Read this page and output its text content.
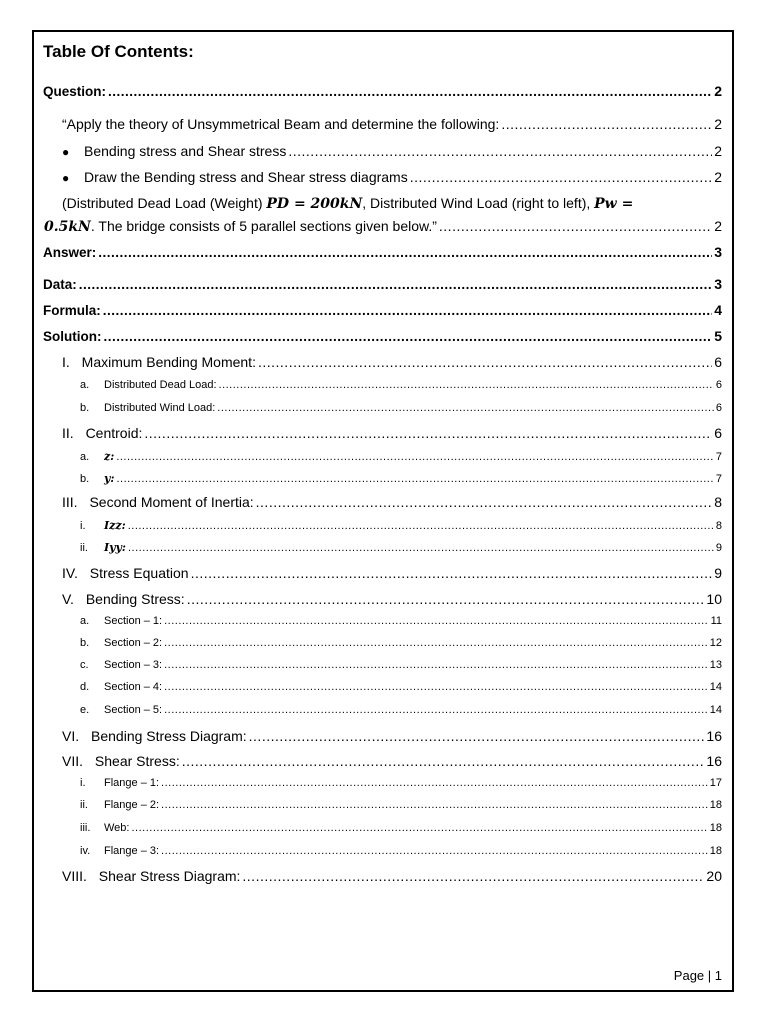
Table Of Contents:
Question: .....	2
“Apply the theory of Unsymmetrical Beam and determine the following: .....	2
● Bending stress and Shear stress .....	2
● Draw the Bending stress and Shear stress diagrams .....	2
(Distributed Dead Load (Weight) PD = 200kN, Distributed Wind Load (right to left), Pw =
0.5kN . The bridge consists of 5 parallel sections given below.” .....	2
Answer: .....	3
Data: .....	3
Formula: .....	4
Solution: .....	5
I. Maximum Bending Moment: .....	6
a. Distributed Dead Load: .....	6
b. Distributed Wind Load: .....	6
II. Centroid: .....	6
a. z: .....	7
b. y: .....	7
III. Second Moment of Inertia: .....	8
i. Izz: .....	8
ii. Iyy: .....	9
IV. Stress Equation .....	9
V. Bending Stress: .....	10
a. Section – 1: .....	11
b. Section – 2: .....	12
c. Section – 3: .....	13
d. Section – 4: .....	14
e. Section – 5: .....	14
VI. Bending Stress Diagram: .....	16
VII. Shear Stress: .....	16
i. Flange – 1: .....	17
ii. Flange – 2: .....	18
iii. Web: .....	18
iv. Flange – 3: .....	18
VIII. Shear Stress Diagram: .....	20
Page | 1
